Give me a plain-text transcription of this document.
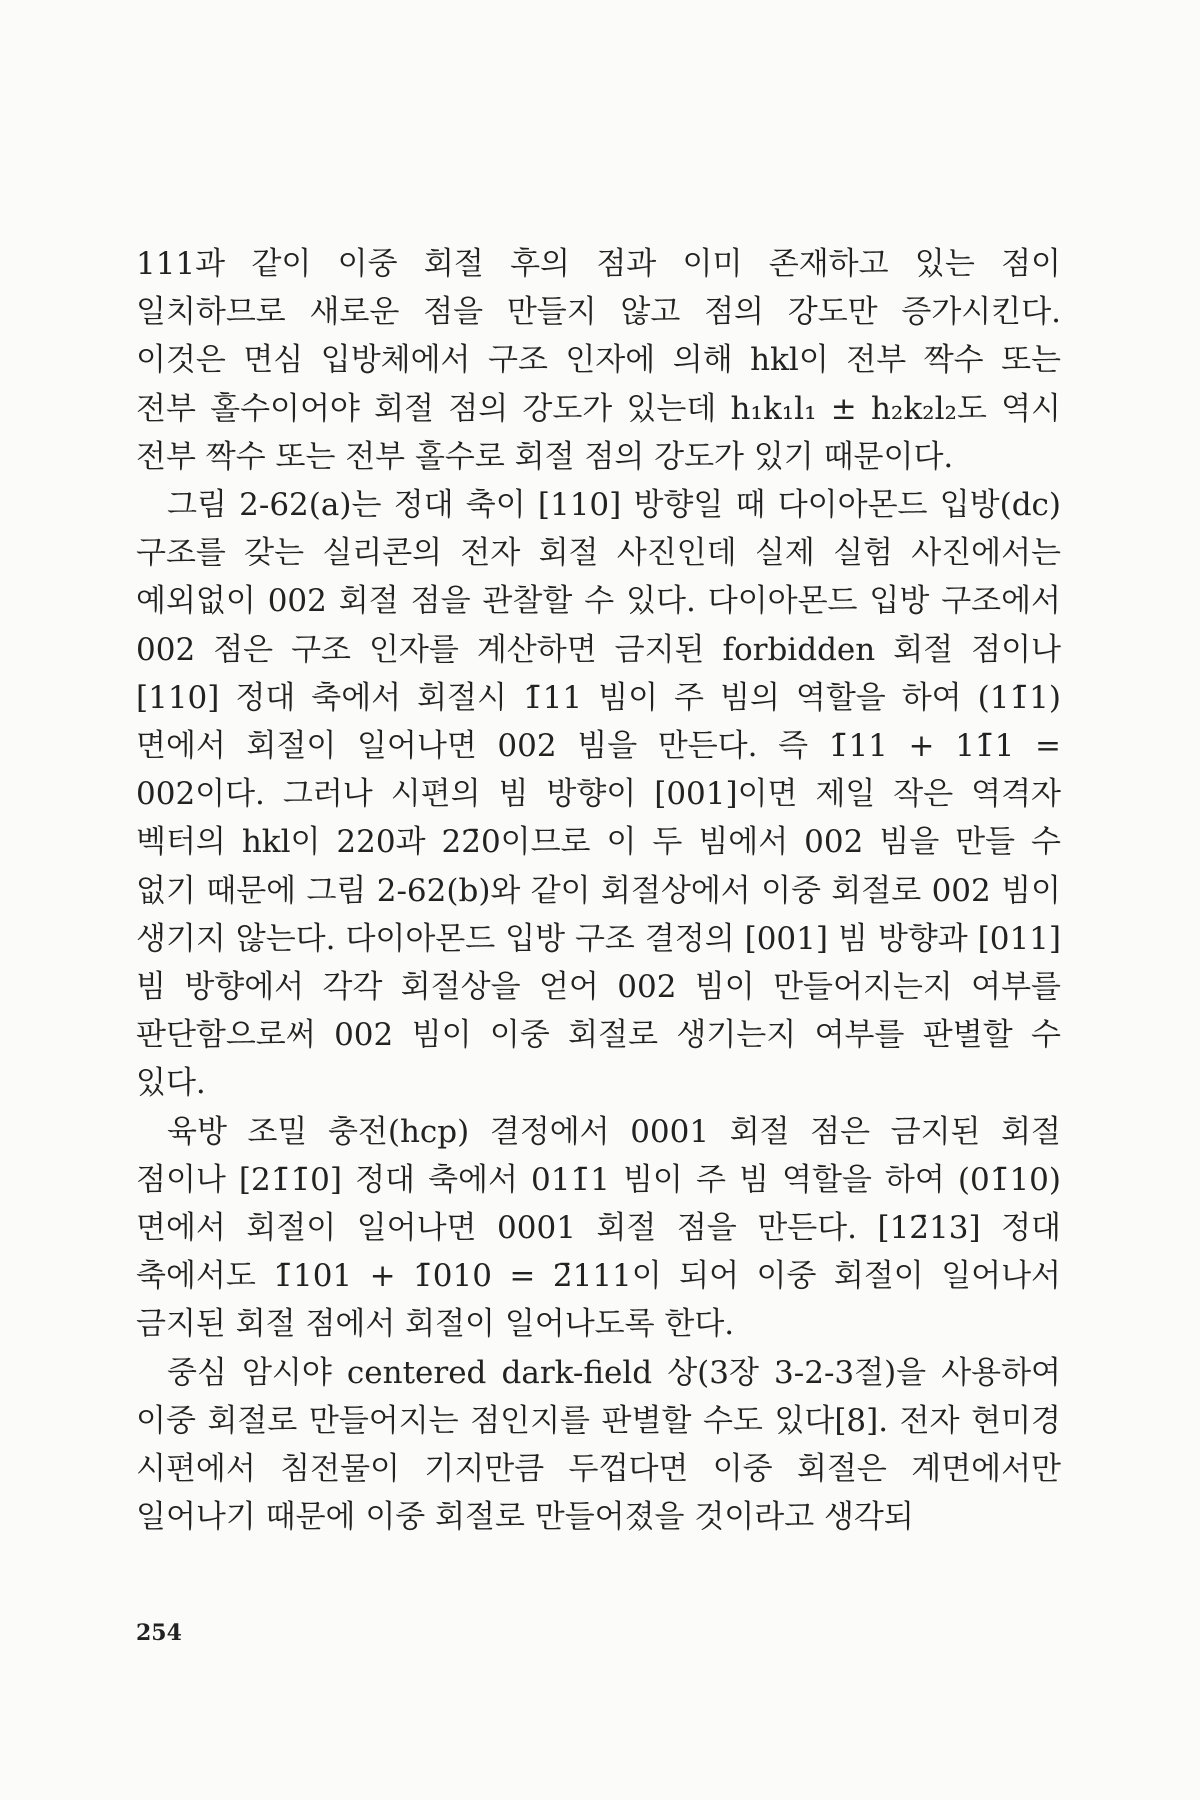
111과 같이 이중 회절 후의 점과 이미 존재하고 있는 점이 일치하므로 새로운 점을 만들지 않고 점의 강도만 증가시킨다. 이것은 면심 입방체에서 구조 인자에 의해 hkl이 전부 짝수 또는 전부 홀수이어야 회절 점의 강도가 있는데 h₁k₁l₁ ± h₂k₂l₂도 역시 전부 짝수 또는 전부 홀수로 회절 점의 강도가 있기 때문이다.

그림 2-62(a)는 정대 축이 [110] 방향일 때 다이아몬드 입방(dc) 구조를 갖는 실리콘의 전자 회절 사진인데 실제 실험 사진에서는 예외없이 002 회절 점을 관찰할 수 있다. 다이아몬드 입방 구조에서 002 점은 구조 인자를 계산하면 금지된 forbidden 회절 점이나 [110] 정대 축에서 회절시 1̄11 빔이 주 빔의 역할을 하여 (11̄1) 면에서 회절이 일어나면 002 빔을 만든다. 즉 1̄11 + 11̄1 = 002이다. 그러나 시편의 빔 방향이 [001]이면 제일 작은 역격자 벡터의 hkl이 220과 22̄0이므로 이 두 빔에서 002 빔을 만들 수 없기 때문에 그림 2-62(b)와 같이 회절상에서 이중 회절로 002 빔이 생기지 않는다. 다이아몬드 입방 구조 결정의 [001] 빔 방향과 [011] 빔 방향에서 각각 회절상을 얻어 002 빔이 만들어지는지 여부를 판단함으로써 002 빔이 이중 회절로 생기는지 여부를 판별할 수 있다.

육방 조밀 충전(hcp) 결정에서 0001 회절 점은 금지된 회절 점이나 [21̄1̄0] 정대 축에서 011̄1 빔이 주 빔 역할을 하여 (01̄10) 면에서 회절이 일어나면 0001 회절 점을 만든다. [12̄13] 정대 축에서도 1̄101 + 1̄010 = 2̄111이 되어 이중 회절이 일어나서 금지된 회절 점에서 회절이 일어나도록 한다.

중심 암시야 centered dark-field 상(3장 3-2-3절)을 사용하여 이중 회절로 만들어지는 점인지를 판별할 수도 있다[8]. 전자 현미경 시편에서 침전물이 기지만큼 두껍다면 이중 회절은 계면에서만 일어나기 때문에 이중 회절로 만들어졌을 것이라고 생각되

254
